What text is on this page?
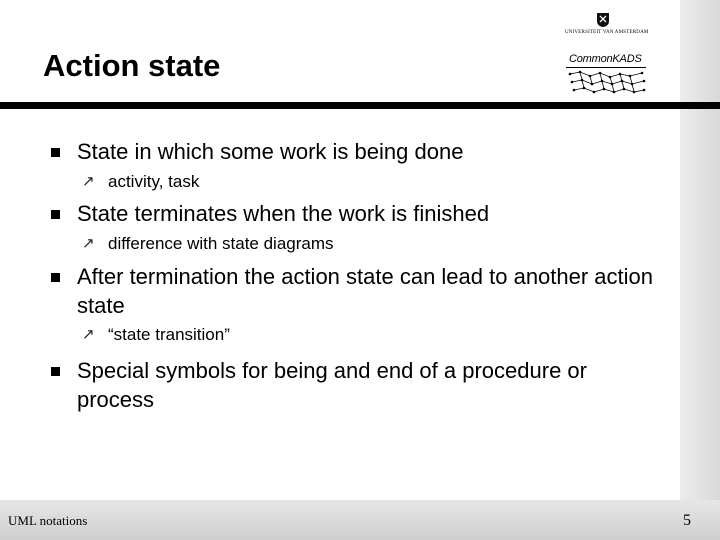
Action state
UNIVERSITEIT VAN AMSTERDAM
CommonKADS
State in which some work is being done
↗ activity, task
State terminates when the work is finished
↗ difference with state diagrams
After termination the action state can lead to another action state
↗ “state transition”
Special symbols for being and end of a procedure or process
UML notations	5
